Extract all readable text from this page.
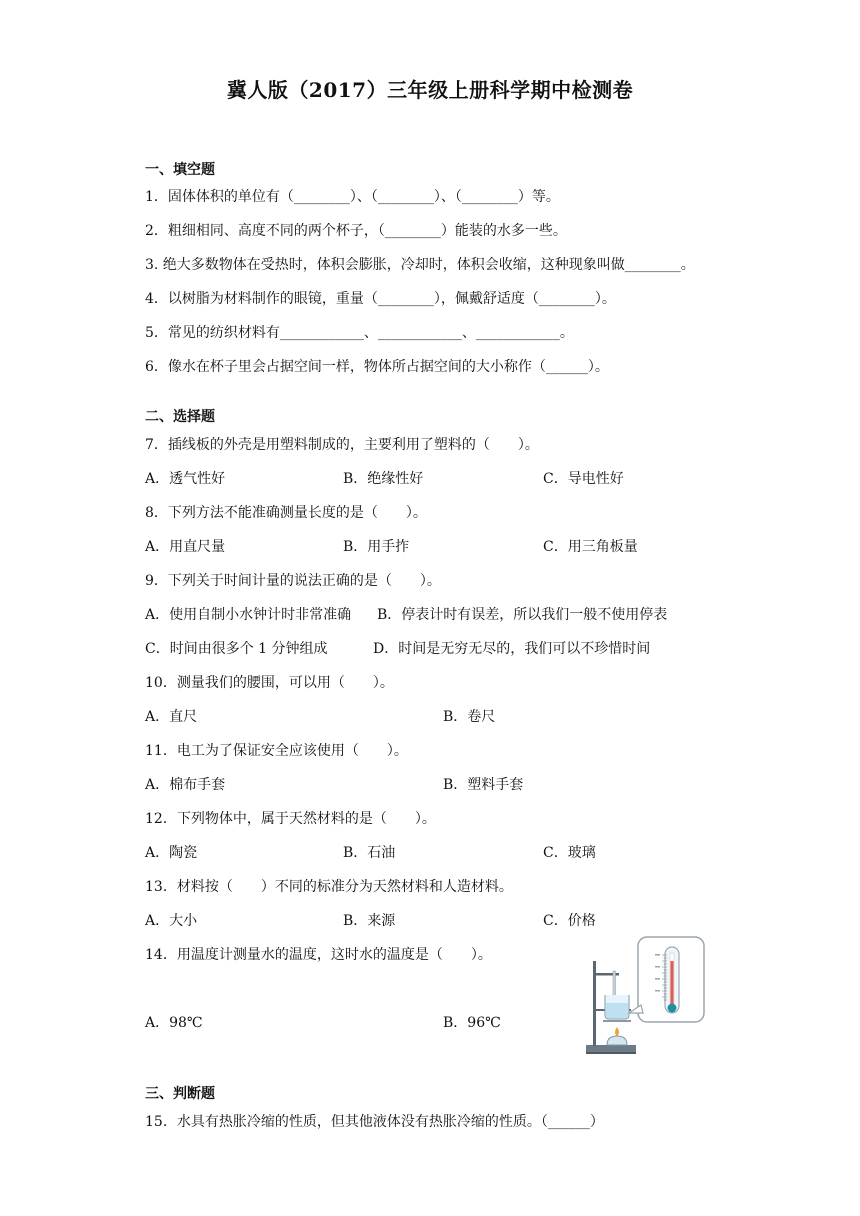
冀人版（2017）三年级上册科学期中检测卷
一、填空题
1．固体体积的单位有（________）、（________）、（________）等。
2．粗细相同、高度不同的两个杯子，（________）能装的水多一些。
3. 绝大多数物体在受热时，体积会膨胀，冷却时，体积会收缩，这种现象叫做________。
4．以树脂为材料制作的眼镜，重量（________），佩戴舒适度（________）。
5．常见的纺织材料有____________、____________、____________。
6．像水在杯子里会占据空间一样，物体所占据空间的大小称作（______）。
二、选择题
7．插线板的外壳是用塑料制成的，主要利用了塑料的（　　）。
A．透气性好	B．绝缘性好	C．导电性好
8．下列方法不能准确测量长度的是（　　）。
A．用直尺量	B．用手拃	C．用三角板量
9．下列关于时间计量的说法正确的是（　　）。
A．使用自制小水钟计时非常准确 B．停表计时有误差，所以我们一般不使用停表
C．时间由很多个 1 分钟组成	D．时间是无穷无尽的，我们可以不珍惜时间
10．测量我们的腰围，可以用（　　）。
A．直尺	B．卷尺
11．电工为了保证安全应该使用（　　）。
A．棉布手套	B．塑料手套
12．下列物体中，属于天然材料的是（　　）。
A．陶瓷	B．石油	C．玻璃
13．材料按（　　）不同的标准分为天然材料和人造材料。
A．大小	B．来源	C．价格
14．用温度计测量水的温度，这时水的温度是（　　）。
A．98℃	B．96℃
三、判断题
15．水具有热胀冷缩的性质，但其他液体没有热胀冷缩的性质。（______）
